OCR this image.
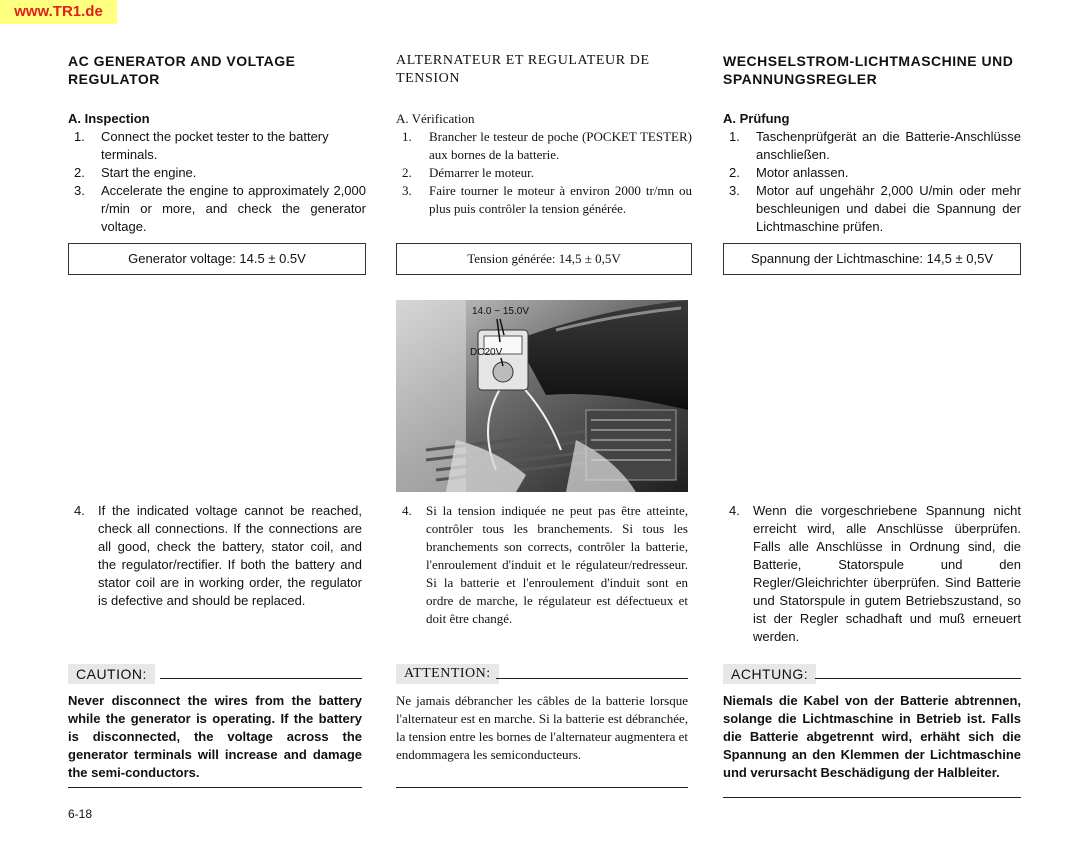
www.TR1.de
AC GENERATOR AND VOLTAGE
REGULATOR
A. Inspection
1. Connect the pocket tester to the battery terminals.
2. Start the engine.
3. Accelerate the engine to approximately 2,000 r/min or more, and check the generator voltage.
Generator voltage: 14.5 ± 0.5V
ALTERNATEUR ET REGULATEUR DE
TENSION
A. Vérification
1. Brancher le testeur de poche (POCKET TESTER) aux bornes de la batterie.
2. Démarrer le moteur.
3. Faire tourner le moteur à environ 2000 tr/mn ou plus puis contrôler la tension générée.
Tension générée: 14,5 ± 0,5V
WECHSELSTROM-LICHTMASCHINE UND
SPANNUNGSREGLER
A. Prüfung
1. Taschenprüfgerät an die Batterie-Anschlüsse anschließen.
2. Motor anlassen.
3. Motor auf ungehähr 2,000 U/min oder mehr beschleunigen und dabei die Spannung der Lichtmaschine prüfen.
Spannung der Lichtmaschine: 14,5 ± 0,5V
14.0 ~ 15.0V
DC20V
4.	If the indicated voltage cannot be reached, check all connections. If the connections are all good, check the battery, stator coil, and the regulator/rectifier. If both the battery and stator coil are in working order, the regulator is defective and should be replaced.
4.	Si la tension indiquée ne peut pas être atteinte, contrôler tous les branchements. Si tous les branchements son corrects, contrôler la batterie, l'enroulement d'induit et le régulateur/redresseur. Si la batterie et l'enroulement d'induit sont en ordre de marche, le régulateur est défectueux et doit être changé.
4.	Wenn die vorgeschriebene Spannung nicht erreicht wird, alle Anschlüsse überprüfen. Falls alle Anschlüsse in Ordnung sind, die Batterie, Statorspule und den Regler/Gleichrichter überprüfen. Sind Batterie und Statorspule in gutem Betriebszustand, so ist der Regler schadhaft und muß erneuert werden.
CAUTION:
Never disconnect the wires from the battery while the generator is operating. If the battery is disconnected, the voltage across the generator terminals will increase and damage the semi-conductors.
ATTENTION:
Ne jamais débrancher les câbles de la batterie lorsque l'alternateur est en marche. Si la batterie est débranchée, la tension entre les bornes de l'alternateur augmentera et endommagera les semiconducteurs.
ACHTUNG:
Niemals die Kabel von der Batterie abtrennen, solange die Lichtmaschine in Betrieb ist. Falls die Batterie abgetrennt wird, erhäht sich die Spannung an den Klemmen der Lichtmaschine und verursacht Beschädigung der Halbleiter.
6-18
